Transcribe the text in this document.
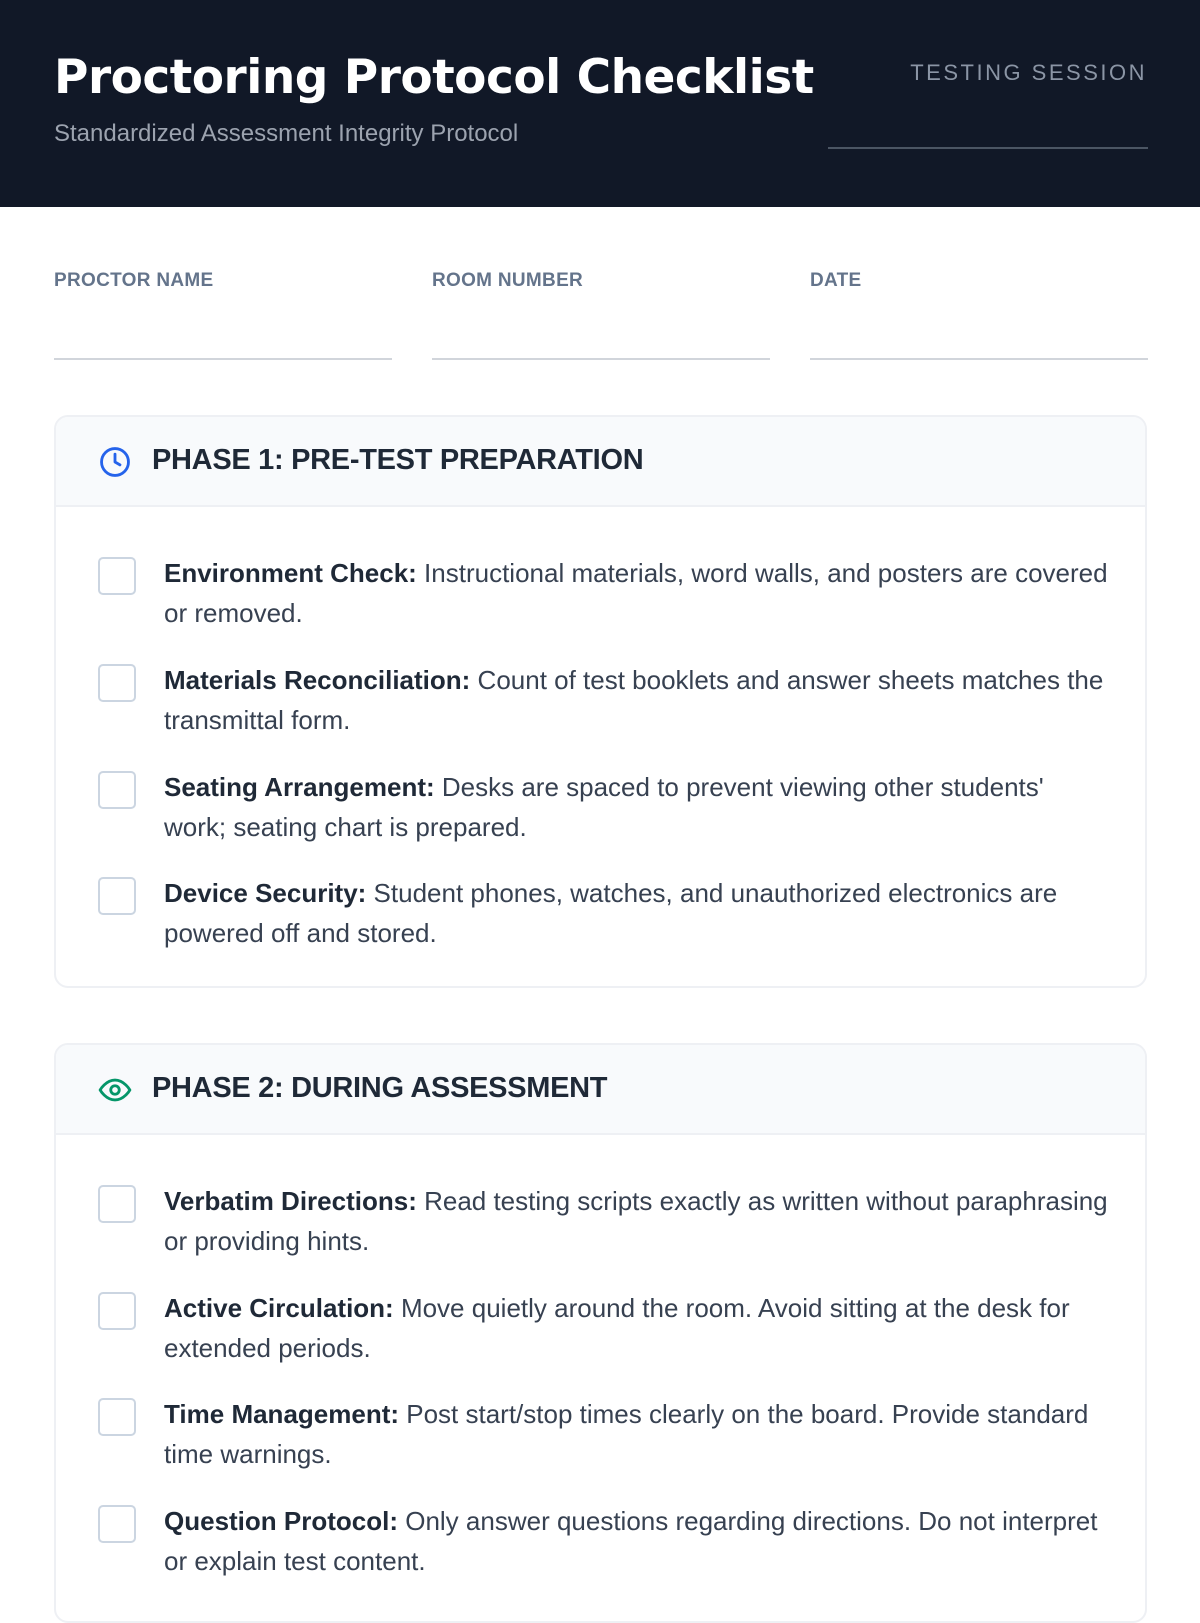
Proctoring Protocol Checklist
Standardized Assessment Integrity Protocol
TESTING SESSION
PROCTOR NAME	ROOM NUMBER	DATE
PHASE 1: PRE-TEST PREPARATION
Environment Check: Instructional materials, word walls, and posters are covered or removed.
Materials Reconciliation: Count of test booklets and answer sheets matches the transmittal form.
Seating Arrangement: Desks are spaced to prevent viewing other students' work; seating chart is prepared.
Device Security: Student phones, watches, and unauthorized electronics are powered off and stored.
PHASE 2: DURING ASSESSMENT
Verbatim Directions: Read testing scripts exactly as written without paraphrasing or providing hints.
Active Circulation: Move quietly around the room. Avoid sitting at the desk for extended periods.
Time Management: Post start/stop times clearly on the board. Provide standard time warnings.
Question Protocol: Only answer questions regarding directions. Do not interpret or explain test content.
